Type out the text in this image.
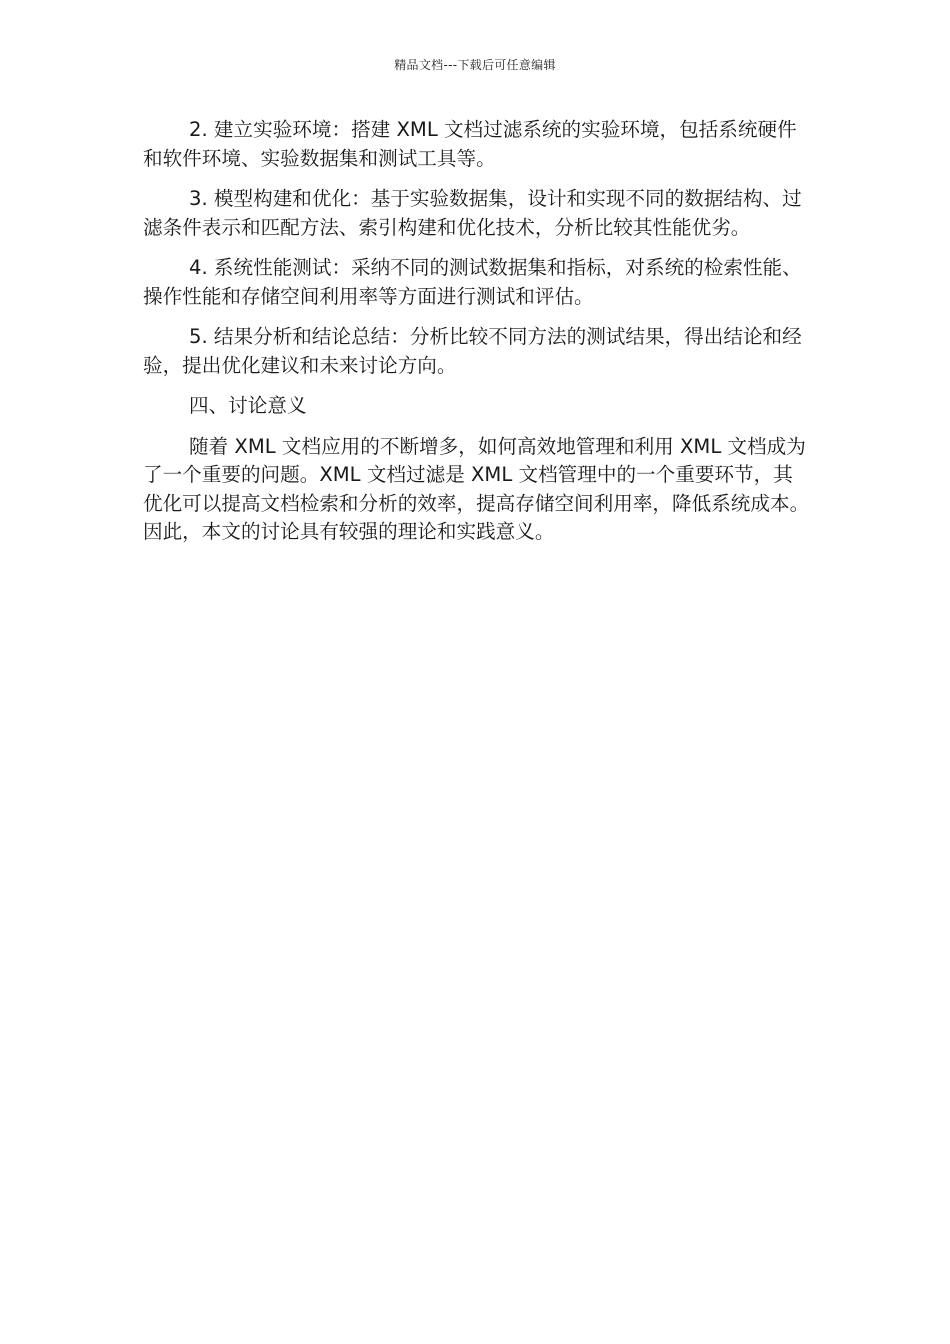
精品文档---下载后可任意编辑

2. 建立实验环境：搭建 XML 文档过滤系统的实验环境，包括系统硬件和软件环境、实验数据集和测试工具等。

3. 模型构建和优化：基于实验数据集，设计和实现不同的数据结构、过滤条件表示和匹配方法、索引构建和优化技术，分析比较其性能优劣。

4. 系统性能测试：采纳不同的测试数据集和指标，对系统的检索性能、操作性能和存储空间利用率等方面进行测试和评估。

5. 结果分析和结论总结：分析比较不同方法的测试结果，得出结论和经验，提出优化建议和未来讨论方向。

四、讨论意义

随着 XML 文档应用的不断增多，如何高效地管理和利用 XML 文档成为了一个重要的问题。XML 文档过滤是 XML 文档管理中的一个重要环节，其优化可以提高文档检索和分析的效率，提高存储空间利用率，降低系统成本。因此，本文的讨论具有较强的理论和实践意义。
